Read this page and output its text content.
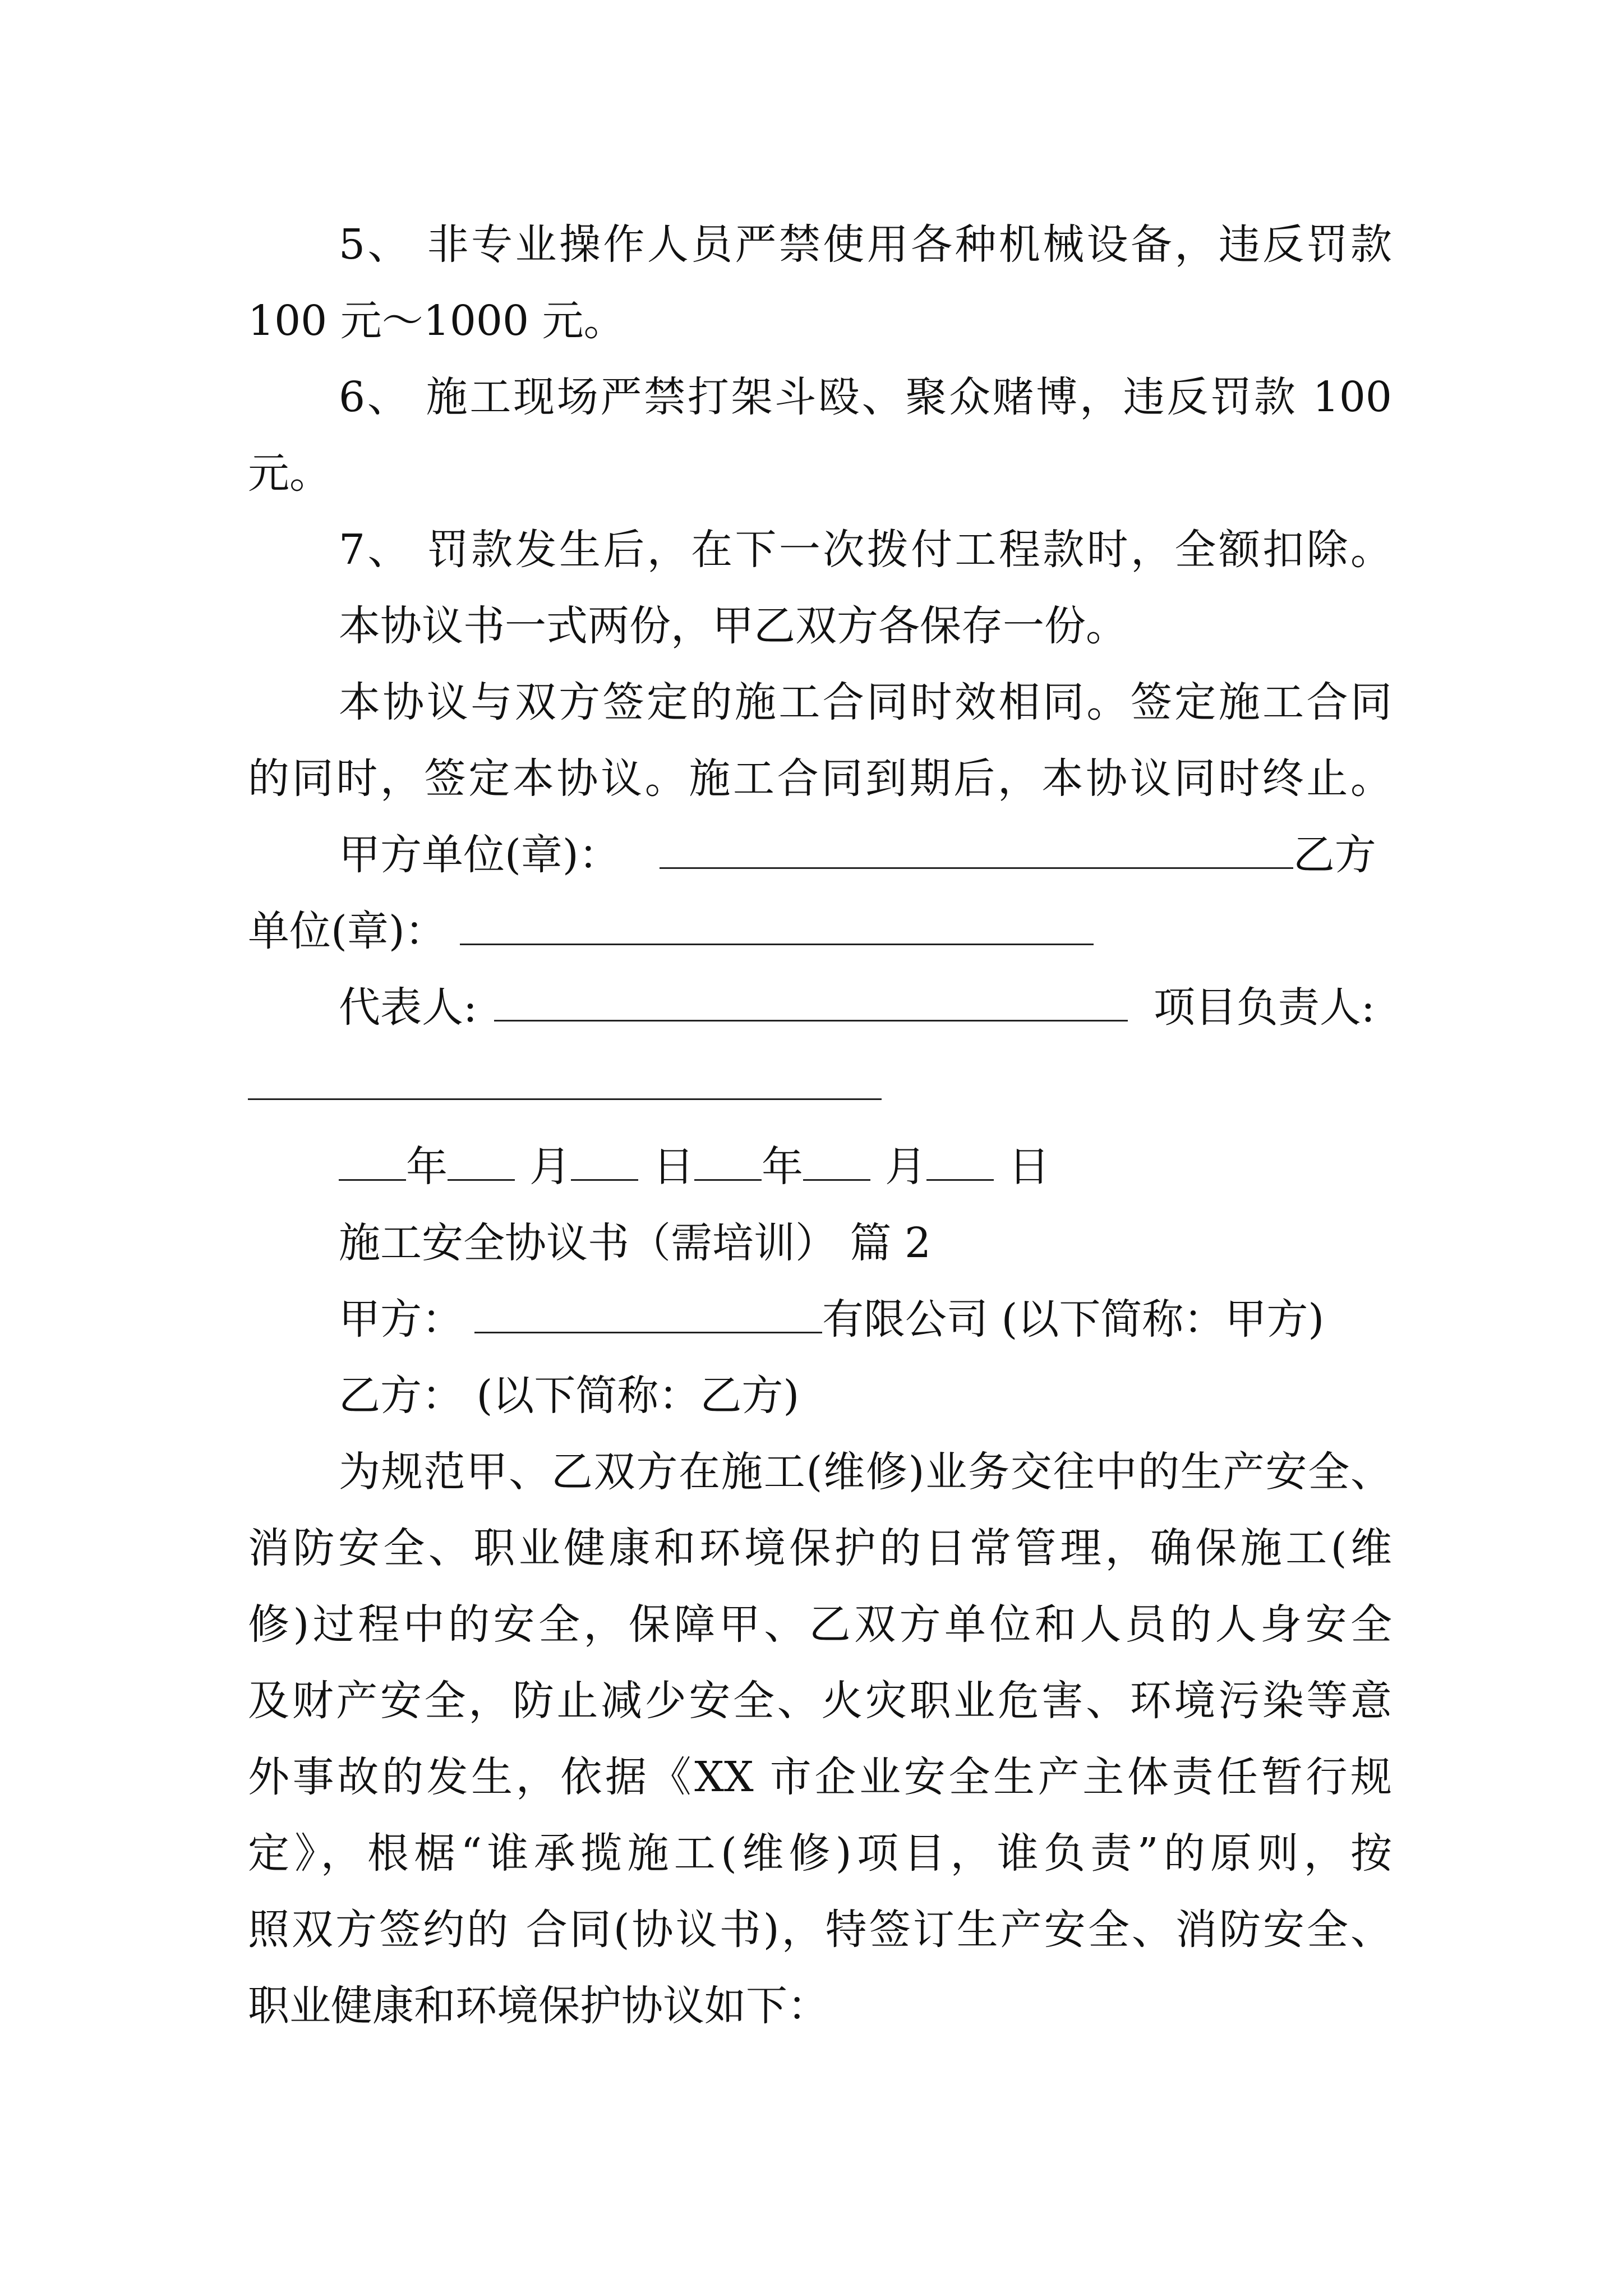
5、 非专业操作人员严禁使用各种机械设备，违反罚款
100 元～1000 元。
6、 施工现场严禁打架斗殴、聚众赌博，违反罚款 100
元。
7、 罚款发生后，在下一次拨付工程款时，全额扣除。
本协议书一式两份，甲乙双方各保存一份。
本协议与双方签定的施工合同时效相同。签定施工合同
的同时，签定本协议。施工合同到期后，本协议同时终止。
甲方单位(章)：	乙方
单位(章)：
代表人:	项目负责人:
年 月 日 年 月 日
施工安全协议书（需培训） 篇 2
甲方：	有限公司 (以下简称：甲方)
乙方： (以下简称：乙方)
为规范甲、乙双方在施工(维修)业务交往中的生产安全、
消防安全、职业健康和环境保护的日常管理，确保施工(维
修)过程中的安全，保障甲、乙双方单位和人员的人身安全
及财产安全，防止减少安全、火灾职业危害、环境污染等意
外事故的发生，依据《XX 市企业安全生产主体责任暂行规
定》，根椐“谁承揽施工(维修)项目，谁负责”的原则，按
照双方签约的 合同(协议书)，特签订生产安全、消防安全、
职业健康和环境保护协议如下：
